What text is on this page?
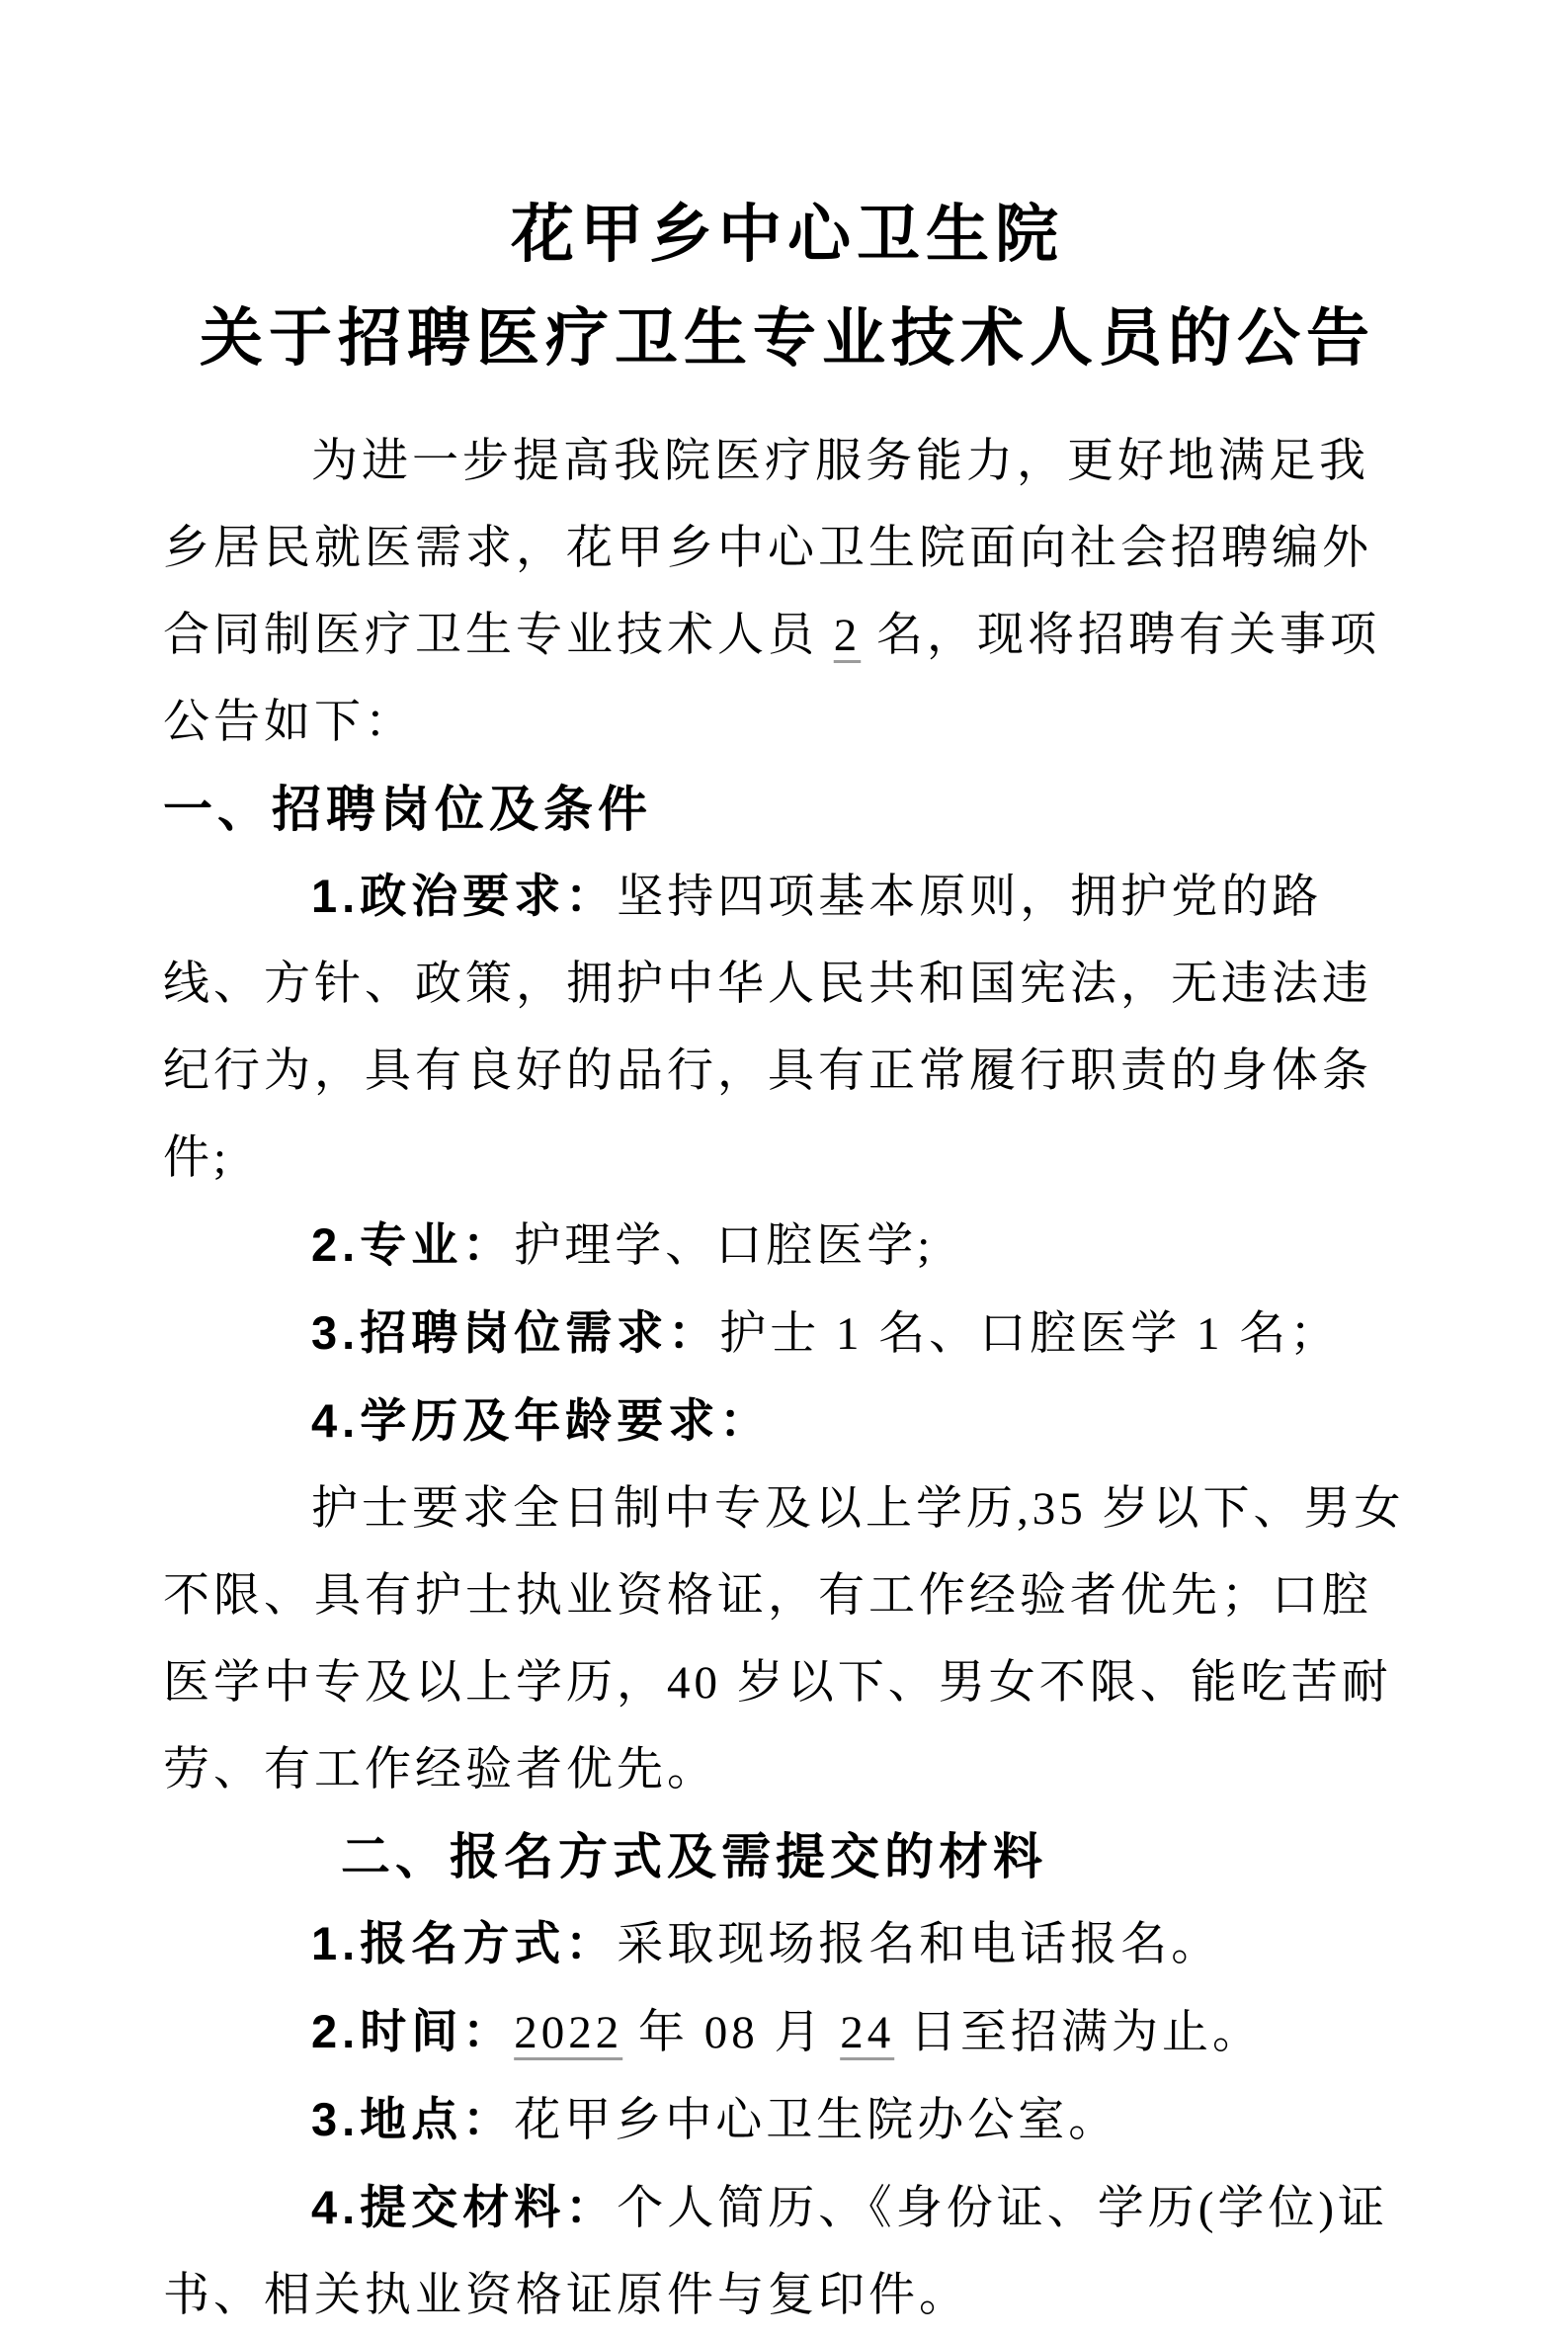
花甲乡中心卫生院
关于招聘医疗卫生专业技术人员的公告

为进一步提高我院医疗服务能力，更好地满足我乡居民就医需求，花甲乡中心卫生院面向社会招聘编外合同制医疗卫生专业技术人员 2 名，现将招聘有关事项公告如下：

一、招聘岗位及条件

1.政治要求：坚持四项基本原则，拥护党的路线、方针、政策，拥护中华人民共和国宪法，无违法违纪行为，具有良好的品行，具有正常履行职责的身体条件;

2.专业：护理学、口腔医学;

3.招聘岗位需求：护士 1 名、口腔医学 1 名；

4.学历及年龄要求：

护士要求全日制中专及以上学历,35 岁以下、男女不限、具有护士执业资格证，有工作经验者优先；口腔医学中专及以上学历，40 岁以下、男女不限、能吃苦耐劳、有工作经验者优先。

二、报名方式及需提交的材料

1.报名方式：采取现场报名和电话报名。

2.时间：2022 年 08 月 24 日至招满为止。

3.地点：花甲乡中心卫生院办公室。

4.提交材料：个人简历、《身份证、学历(学位)证书、相关执业资格证原件与复印件。
